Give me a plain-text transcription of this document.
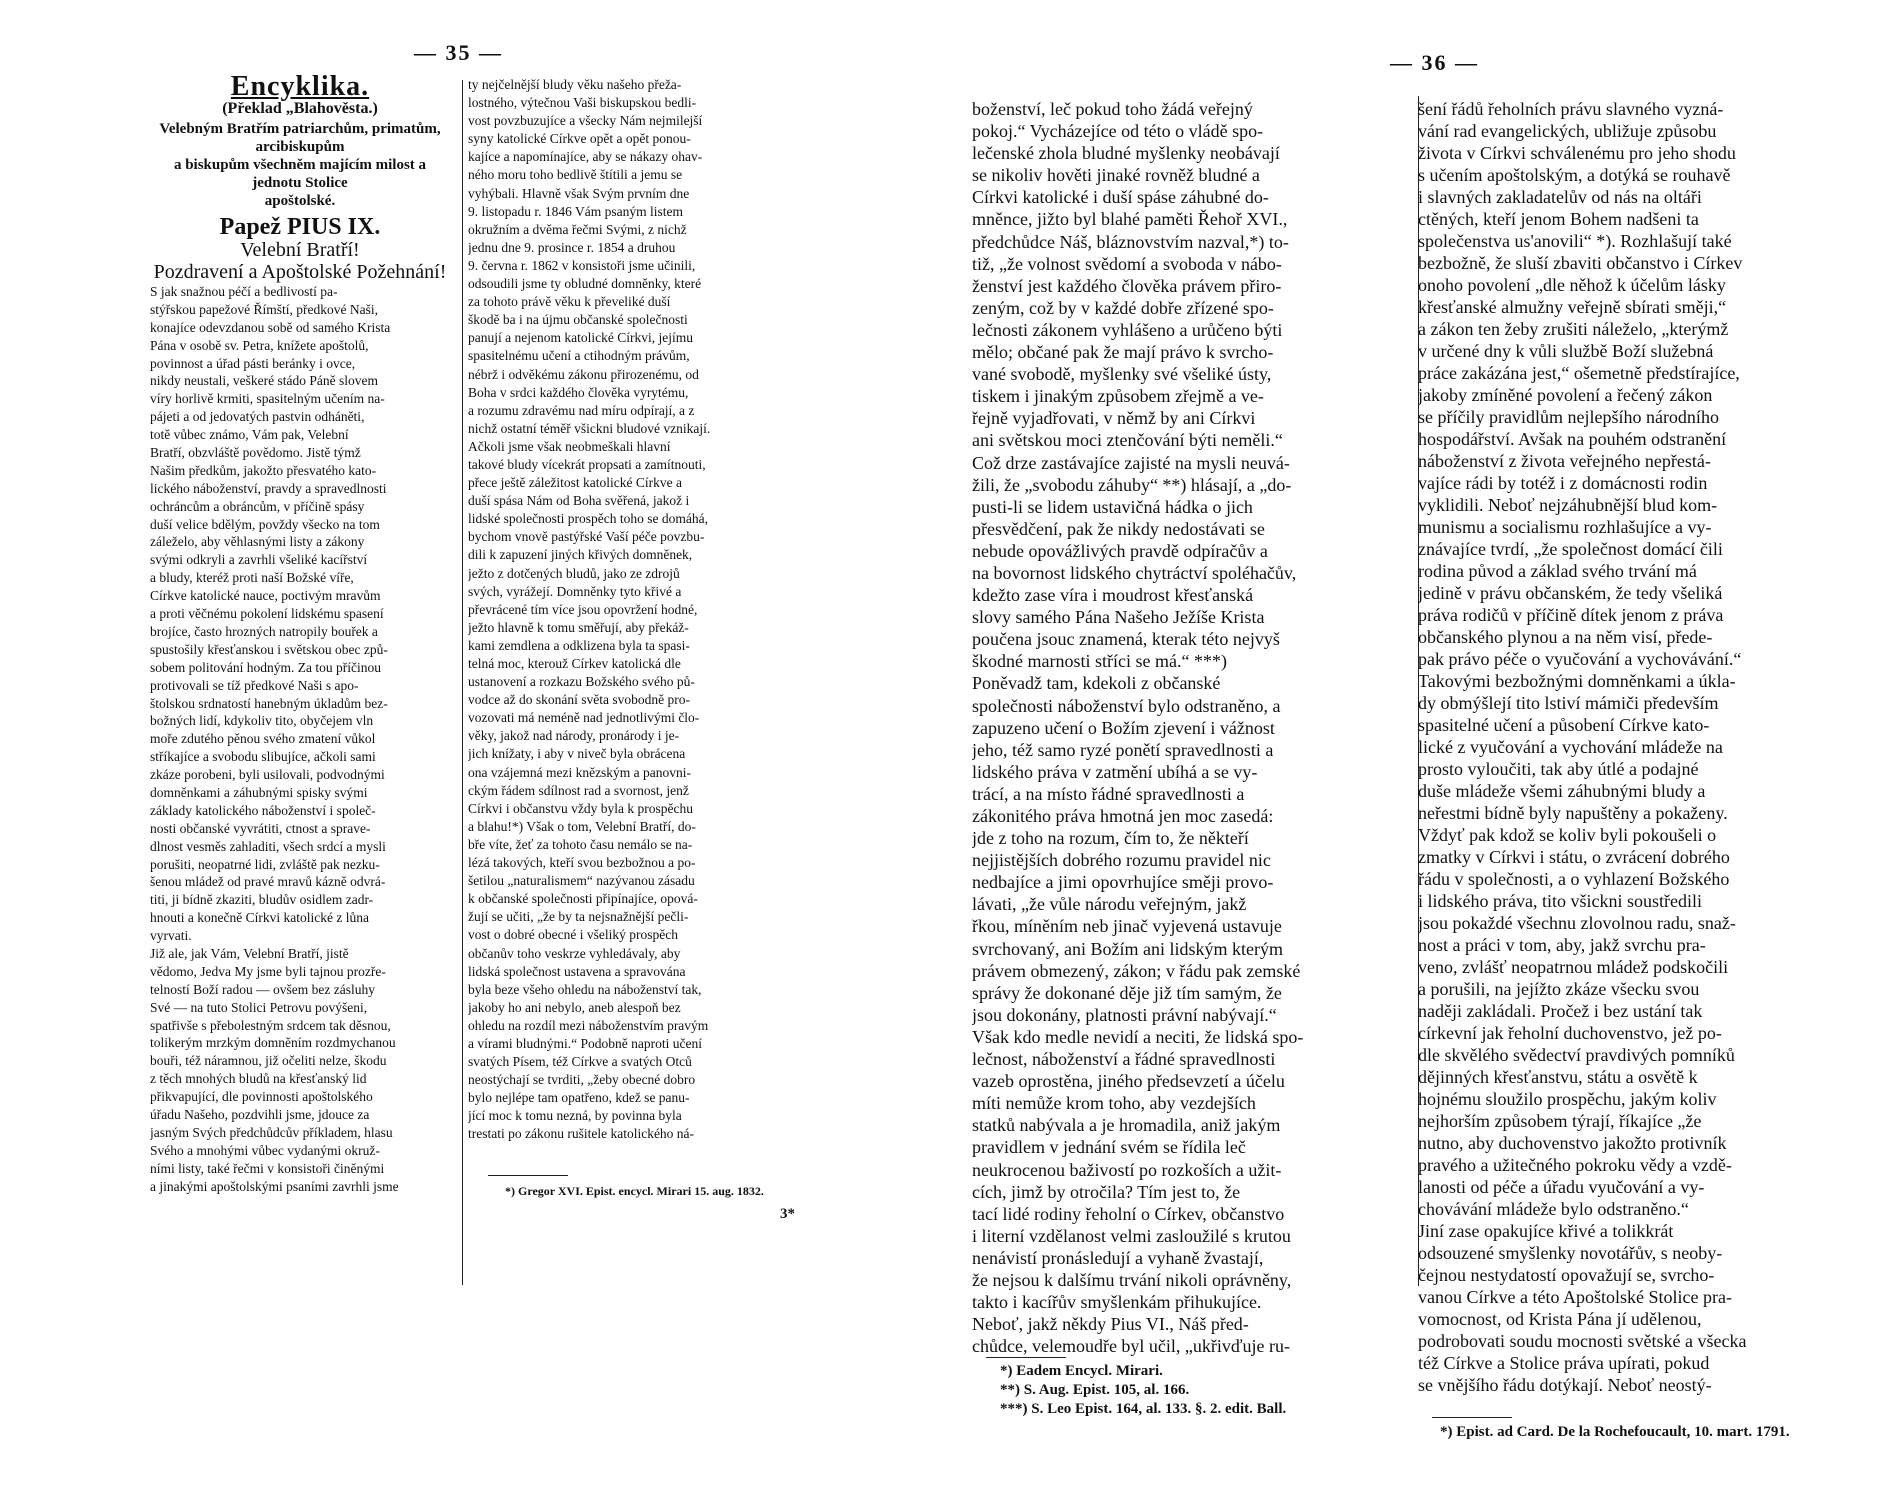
— 35 —	— 36 —
Encyklika.
(Překlad „Blahověsta.)
Velebným Bratřím patriarchům, primatům, arcibiskupům
a biskupům všechněm majícím milost a jednotu Stolice
apoštolské.
Papež PIUS IX.
Velební Bratří!
Pozdravení a Apoštolské Požehnání!
S jak snažnou péčí a bedlivostí pa-
stýřskou papežové Římští, předkové Naši,
konajíce odevzdanou sobě od samého Krista
Pána v osobě sv. Petra, knížete apoštolů,
povinnost a úřad pásti beránky i ovce,
nikdy neustali, veškeré stádo Páně slovem
víry horlivě krmiti, spasitelným učením na-
pájeti a od jedovatých pastvin odháněti,
totě vůbec známo, Vám pak, Velební
Bratří, obzvláště povědomo. Jistě týmž
Našim předkům, jakožto přesvatého kato-
lického náboženství, pravdy a spravedlnosti
ochráncům a obráncům, v příčině spásy
duší velice bdělým, povždy všecko na tom
záleželo, aby věhlasnými listy a zákony
svými odkryli a zavrhli všeliké kacířství
a bludy, kteréž proti naší Božské víře,
Církve katolické nauce, poctivým mravům
a proti věčnému pokolení lidskému spasení
brojíce, často hrozných natropily bouřek a
spustošily křesťanskou i světskou obec způ-
sobem politování hodným. Za tou příčinou
protivovali se tíž předkové Naši s apo-
štolskou srdnatostí hanebným úkladům bez-
božných lidí, kdykoliv tito, obyčejem vln
moře zdutého pěnou svého zmatení vůkol
stříkajíce a svobodu slibujíce, ačkoli sami
zkáze porobeni, byli usilovali, podvodnými
domněnkami a záhubnými spisky svými
základy katolického náboženství i společ-
nosti občanské vyvrátiti, ctnost a sprave-
dlnost vesměs zahladiti, všech srdcí a mysli
porušiti, neopatrné lidi, zvláště pak nezku-
šenou mládež od pravé mravů kázně odvrá-
titi, ji bídně zkaziti, bludův osidlem zadr-
hnouti a konečně Církvi katolické z lůna
vyrvati.
Již ale, jak Vám, Velební Bratří, jistě
vědomo, Jedva My jsme byli tajnou prozře-
telností Boží radou — ovšem bez zásluhy
Své — na tuto Stolici Petrovu povýšeni,
spatřivše s přebolestným srdcem tak děsnou,
tolikerým mrzkým domněním rozdmychanou
bouři, též náramnou, již očeliti nelze, škodu
z těch mnohých bludů na křesťanský lid
přikvapující, dle povinnosti apoštolského
úřadu Našeho, pozdvihli jsme, jdouce za
jasným Svých předchůdcův příkladem, hlasu
Svého a mnohými vůbec vydanými okruž-
ními listy, také řečmi v konsistoři činěnými
a jinakými apoštolskými psaními zavrhli jsme
ty nejčelnější bludy věku našeho přeža-
lostného, výtečnou Vaši biskupskou bedli-
vost povzbuzujíce a všecky Nám nejmilejší
syny katolické Církve opět a opět ponou-
kajíce a napomínajíce, aby se nákazy ohav-
ného moru toho bedlivě štítili a jemu se
vyhýbali. Hlavně však Svým prvním dne
9. listopadu r. 1846 Vám psaným listem
okružním a dvěma řečmi Svými, z nichž
jednu dne 9. prosince r. 1854 a druhou
9. června r. 1862 v konsistoři jsme učinili,
odsoudili jsme ty obludné domněnky, které
za tohoto právě věku k převeliké duší
škodě ba i na újmu občanské společnosti
panují a nejenom katolické Církvi, jejímu
spasitelnému učení a ctihodným právům,
nébrž i odvěkému zákonu přirozenému, od
Boha v srdci každého člověka vyrytému,
a rozumu zdravému nad míru odpírají, a z
nichž ostatní téměř všickni bludové vznikají.
Ačkoli jsme však neobmeškali hlavní
takové bludy vícekrát propsati a zamítnouti,
přece ještě záležitost katolické Církve a
duší spása Nám od Boha svěřená, jakož i
lidské společnosti prospěch toho se domáhá,
bychom vnově pastýřské Vaší péče povzbu-
dili k zapuzení jiných křivých domněnek,
ježto z dotčených bludů, jako ze zdrojů
svých, vyrážejí. Domněnky tyto křivé a
převrácené tím více jsou opovržení hodné,
ježto hlavně k tomu směřují, aby překáž-
kami zemdlena a odklizena byla ta spasi-
telná moc, kterouž Církev katolická dle
ustanovení a rozkazu Božského svého pů-
vodce až do skonání světa svobodně pro-
vozovati má neméně nad jednotlivými člo-
věky, jakož nad národy, pronárody i je-
jich knížaty, i aby v niveč byla obrácena
ona vzájemná mezi knězským a panovni-
ckým řádem sdílnost rad a svornost, jenž
Církvi i občanstvu vždy byla k prospěchu
a blahu!*) Však o tom, Velební Bratří, do-
bře víte, žeť za tohoto času nemálo se na-
lézá takových, kteří svou bezbožnou a po-
šetilou „naturalismem“ nazývanou zásadu
k občanské společnosti připínajíce, opová-
žují se učiti, „že by ta nejsnažnější pečli-
vost o dobré obecné i všeliký prospěch
občanův toho veskrze vyhledávaly, aby
lidská společnost ustavena a spravována
byla beze všeho ohledu na náboženství tak,
jakoby ho ani nebylo, aneb alespoň bez
ohledu na rozdíl mezi náboženstvím pravým
a vírami bludnými.“ Podobně naproti učení
svatých Písem, též Církve a svatých Otců
neostýchají se tvrditi, „žeby obecné dobro
bylo nejlépe tam opatřeno, kdež se panu-
jící moc k tomu nezná, by povinna byla
trestati po zákonu rušitele katolického ná-
*) Gregor XVI. Epist. encycl. Mirari 15. aug. 1832.
3*
boženství, leč pokud toho žádá veřejný
pokoj.“ Vycházejíce od této o vládě spo-
lečenské zhola bludné myšlenky neobávají
se nikoliv hověti jinaké rovněž bludné a
Církvi katolické i duší spáse záhubné do-
mněnce, jižto byl blahé paměti Řehoř XVI.,
předchůdce Náš, bláznovstvím nazval,*) to-
tiž, „že volnost svědomí a svoboda v nábo-
ženství jest každého člověka právem přiro-
zeným, což by v každé dobře zřízené spo-
lečnosti zákonem vyhlášeno a urůčeno býti
mělo; občané pak že mají právo k svrcho-
vané svobodě, myšlenky své všeliké ústy,
tiskem i jinakým způsobem zřejmě a ve-
řejně vyjadřovati, v němž by ani Církvi
ani světskou moci ztenčování býti neměli.“
Což drze zastávajíce zajisté na mysli neuvá-
žili, že „svobodu záhuby“ **) hlásají, a „do-
pusti-li se lidem ustavičná hádka o jich
přesvědčení, pak že nikdy nedostávati se
nebude opovážlivých pravdě odpíračův a
na bovornost lidského chytráctví spoléhačův,
kdežto zase víra i moudrost křesťanská
slovy samého Pána Našeho Ježíše Krista
poučena jsouc znamená, kterak této nejvyš
škodné marnosti stříci se má.“ ***)
Poněvadž tam, kdekoli z občanské
společnosti náboženství bylo odstraněno, a
zapuzeno učení o Božím zjevení i vážnost
jeho, též samo ryzé ponětí spravedlnosti a
lidského práva v zatmění ubíhá a se vy-
trácí, a na místo řádné spravedlnosti a
zákonitého práva hmotná jen moc zasedá:
jde z toho na rozum, čím to, že někteří
nejjistějších dobrého rozumu pravidel nic
nedbajíce a jimi opovrhujíce směji provo-
lávati, „že vůle národu veřejným, jakž
řkou, míněním neb jinač vyjevená ustavuje
svrchovaný, ani Božím ani lidským kterým
právem obmezený, zákon; v řádu pak zemské
správy že dokonané děje již tím samým, že
jsou dokonány, platnosti právní nabývají.“
Však kdo medle nevidí a neciti, že lidská spo-
lečnost, náboženství a řádné spravedlnosti
vazeb oprostěna, jiného předsevzetí a účelu
míti nemůže krom toho, aby vezdejších
statků nabývala a je hromadila, aniž jakým
pravidlem v jednání svém se řídila leč
neukrocenou baživostí po rozkoších a užit-
cích, jimž by otročila? Tím jest to, že
tací lidé rodiny řeholní o Církev, občanstvo
i literní vzdělanost velmi zasloužilé s krutou
nenávistí pronásledují a vyhaně žvastají,
že nejsou k dalšímu trvání nikoli oprávněny,
takto i kacířův smyšlenkám přihukujíce.
Neboť, jakž někdy Pius VI., Náš před-
chůdce, velemoudře byl učil, „ukřivďuje ru-
*) Eadem Encycl. Mirari.
**) S. Aug. Epist. 105, al. 166.
***) S. Leo Epist. 164, al. 133. §. 2. edit. Ball.
šení řádů řeholních právu slavného vyzná-
vání rad evangelických, ubližuje způsobu
života v Církvi schválenému pro jeho shodu
s učením apoštolským, a dotýká se rouhavě
i slavných zakladatelův od nás na oltáři
ctěných, kteří jenom Bohem nadšeni ta
společenstva us'anovili“ *). Rozhlašují také
bezbožně, že sluší zbaviti občanstvo i Církev
onoho povolení „dle něhož k účelům lásky
křesťanské almužny veřejně sbírati směji,“
a zákon ten žeby zrušiti náleželo, „kterýmž
v určené dny k vůli službě Boží služebná
práce zakázána jest,“ ošemetně předstírajíce,
jakoby zmíněné povolení a řečený zákon
se příčily pravidlům nejlepšího národního
hospodářství. Avšak na pouhém odstranění
náboženství z života veřejného nepřestá-
vajíce rádi by totéž i z domácnosti rodin
vyklidili. Neboť nejzáhubnější blud kom-
munismu a socialismu rozhlašujíce a vy-
znávajíce tvrdí, „že společnost domácí čili
rodina původ a základ svého trvání má
jedině v právu občanském, že tedy všeliká
práva rodičů v příčině dítek jenom z práva
občanského plynou a na něm visí, přede-
pak právo péče o vyučování a vychovávání.“
Takovými bezbožnými domněnkami a úkla-
dy obmýšlejí tito lstiví mámiči především
spasitelné učení a působení Církve kato-
lické z vyučování a vychování mládeže na
prosto vyloučiti, tak aby útlé a podajné
duše mládeže všemi záhubnými bludy a
neřestmi bídně byly napuštěny a pokaženy.
Vždyť pak kdož se koliv byli pokoušeli o
zmatky v Církvi i státu, o zvrácení dobrého
řádu v společnosti, a o vyhlazení Božského
i lidského práva, tito všickni soustředili
jsou pokaždé všechnu zlovolnou radu, snaž-
nost a práci v tom, aby, jakž svrchu pra-
veno, zvlášť neopatrnou mládež podskočili
a porušili, na jejížto zkáze všecku svou
naději zakládali. Pročež i bez ustání tak
církevní jak řeholní duchovenstvo, jež po-
dle skvělého svědectví pravdivých pomníků
dějinných křesťanstvu, státu a osvětě k
hojnému sloužilo prospěchu, jakým koliv
nejhorším způsobem týrají, říkajíce „že
nutno, aby duchovenstvo jakožto protivník
pravého a užitečného pokroku vědy a vzdě-
lanosti od péče a úřadu vyučování a vy-
chovávání mládeže bylo odstraněno.“
Jiní zase opakujíce křivé a tolikkrát
odsouzené smyšlenky novotářův, s neoby-
čejnou nestydatostí opovažují se, svrcho-
vanou Církve a této Apoštolské Stolice pra-
vomocnost, od Krista Pána jí udělenou,
podrobovati soudu mocnosti světské a všecka
též Církve a Stolice práva upírati, pokud
se vnějšího řádu dotýkají. Neboť neostý-
*) Epist. ad Card. De la Rochefoucault, 10. mart. 1791.
